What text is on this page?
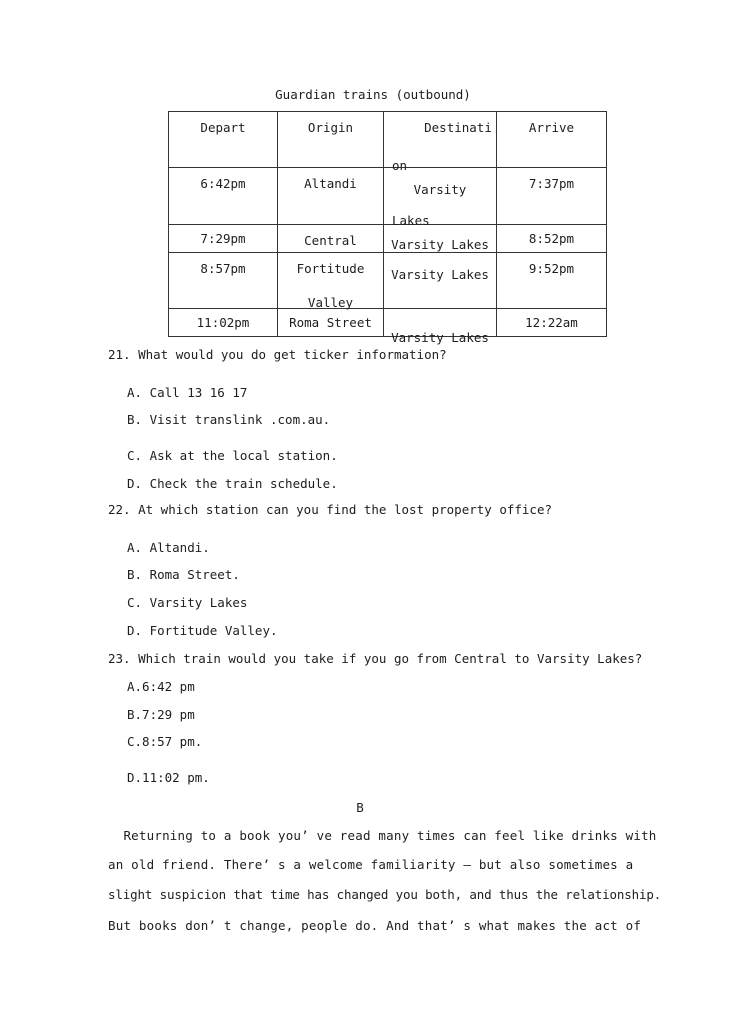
Guardian trains (outbound)
Depart	Origin	Destinati
on	Arrive

6:42pm	Altandi	Varsity
Lakes	7:37pm

7:29pm	Central	Varsity Lakes	8:52pm

8:57pm	Fortitude
Valley	Varsity Lakes	9:52pm

11:02pm	Roma Street	Varsity Lakes	12:22am
21. What would you do get ticker information?
A. Call 13 16 17
B. Visit translink .com.au.
C. Ask at the local station.
D. Check the train schedule.
22. At which station can you find the lost property office?
A. Altandi.
B. Roma Street.
C. Varsity Lakes
D. Fortitude Valley.
23. Which train would you take if you go from Central to Varsity Lakes?
A.6:42 pm
B.7:29 pm
C.8:57 pm.
D.11:02 pm.
B
Returning to a book you’ ve read many times can feel like drinks with
an old friend. There’ s a welcome familiarity — but also sometimes a
slight suspicion that time has changed you both, and thus the relationship.
But books don’ t change, people do. And that’ s what makes the act of
